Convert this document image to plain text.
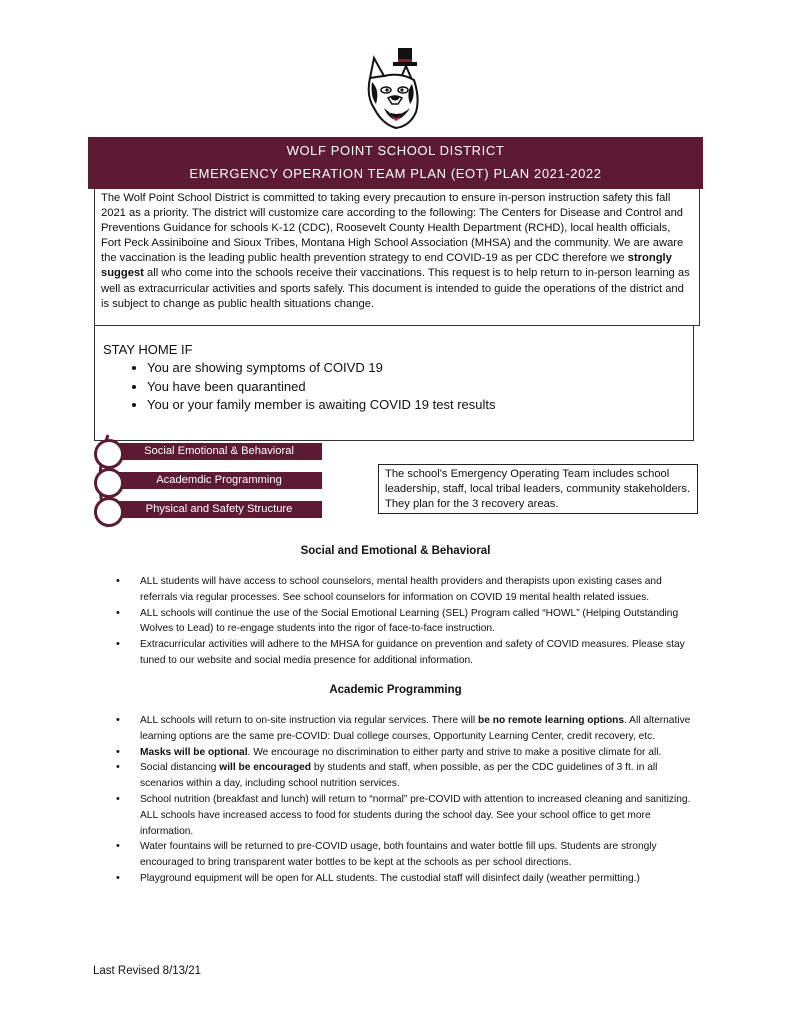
WOLF POINT SCHOOL DISTRICT
EMERGENCY OPERATION TEAM PLAN (EOT) PLAN 2021-2022
The Wolf Point School District is committed to taking every precaution to ensure in-person instruction safety this fall 2021 as a priority. The district will customize care according to the following: The Centers for Disease and Control and Preventions Guidance for schools K-12 (CDC), Roosevelt County Health Department (RCHD), local health officials, Fort Peck Assiniboine and Sioux Tribes, Montana High School Association (MHSA) and the community. We are aware the vaccination is the leading public health prevention strategy to end COVID-19 as per CDC therefore we strongly suggest all who come into the schools receive their vaccinations. This request is to help return to in-person learning as well as extracurricular activities and sports safely. This document is intended to guide the operations of the district and is subject to change as public health situations change.
STAY HOME IF
• You are showing symptoms of COIVD 19
• You have been quarantined
• You or your family member is awaiting COVID 19 test results
Social Emotional & Behavioral
Academdic Programming
Physical and Safety Structure
The school's Emergency Operating Team includes school leadership, staff, local tribal leaders, community stakeholders. They plan for the 3 recovery areas.
Social and Emotional & Behavioral
• ALL students will have access to school counselors, mental health providers and therapists upon existing cases and referrals via regular processes. See school counselors for information on COVID 19 mental health related issues.
• ALL schools will continue the use of the Social Emotional Learning (SEL) Program called “HOWL” (Helping Outstanding Wolves to Lead) to re-engage students into the rigor of face-to-face instruction.
• Extracurricular activities will adhere to the MHSA for guidance on prevention and safety of COVID measures. Please stay tuned to our website and social media presence for additional information.
Academic Programming
• ALL schools will return to on-site instruction via regular services. There will be no remote learning options. All alternative learning options are the same pre-COVID: Dual college courses, Opportunity Learning Center, credit recovery, etc.
• Masks will be optional. We encourage no discrimination to either party and strive to make a positive climate for all.
• Social distancing will be encouraged by students and staff, when possible, as per the CDC guidelines of 3 ft. in all scenarios within a day, including school nutrition services.
• School nutrition (breakfast and lunch) will return to “normal” pre-COVID with attention to increased cleaning and sanitizing. ALL schools have increased access to food for students during the school day. See your school office to get more information.
• Water fountains will be returned to pre-COVID usage, both fountains and water bottle fill ups. Students are strongly encouraged to bring transparent water bottles to be kept at the schools as per school directions.
• Playground equipment will be open for ALL students. The custodial staff will disinfect daily (weather permitting.)
Last Revised 8/13/21
